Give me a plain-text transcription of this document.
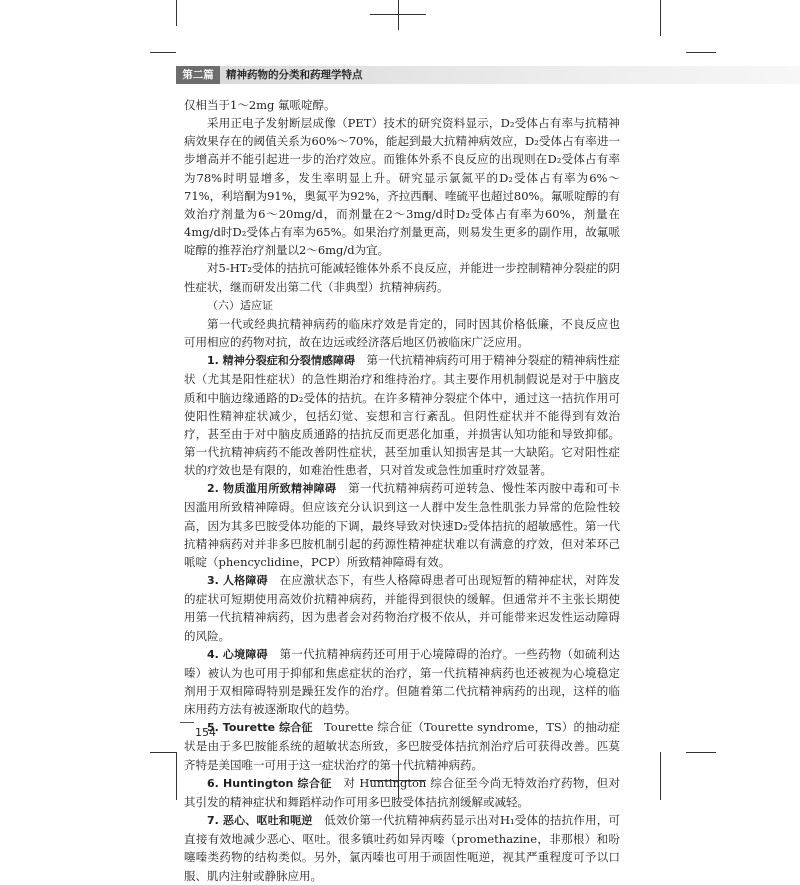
第二篇	精神药物的分类和药理学特点

仅相当于1～2mg 氟哌啶醇。

采用正电子发射断层成像（PET）技术的研究资料显示，D₂受体占有率与抗精神病效果存在的阈值关系为60%～70%，能起到最大抗精神病效应，D₂受体占有率进一步增高并不能引起进一步的治疗效应。而锥体外系不良反应的出现则在D₂受体占有率为78%时明显增多，发生率明显上升。研究显示氯氮平的D₂受体占有率为6%～71%，利培酮为91%，奥氮平为92%，齐拉西酮、喹硫平也超过80%。氟哌啶醇的有效治疗剂量为6～20mg/d，而剂量在2～3mg/d时D₂受体占有率为60%，剂量在4mg/d时D₂受体占有率为65%。如果治疗剂量更高，则易发生更多的副作用，故氟哌啶醇的推荐治疗剂量以2～6mg/d为宜。

对5-HT₂受体的拮抗可能减轻锥体外系不良反应，并能进一步控制精神分裂症的阴性症状，继而研发出第二代（非典型）抗精神病药。

（六）适应证

第一代或经典抗精神病药的临床疗效是肯定的，同时因其价格低廉，不良反应也可用相应的药物对抗，故在边远或经济落后地区仍被临床广泛应用。

1. 精神分裂症和分裂情感障碍  第一代抗精神病药可用于精神分裂症的精神病性症状（尤其是阳性症状）的急性期治疗和维持治疗。其主要作用机制假说是对于中脑皮质和中脑边缘通路的D₂受体的拮抗。在许多精神分裂症个体中，通过这一拮抗作用可使阳性精神症状减少，包括幻觉、妄想和言行紊乱。但阴性症状并不能得到有效治疗，甚至由于对中脑皮质通路的拮抗反而更恶化加重，并损害认知功能和导致抑郁。第一代抗精神病药不能改善阴性症状，甚至加重认知损害是其一大缺陷。它对阳性症状的疗效也是有限的，如难治性患者，只对首发或急性加重时疗效显著。

2. 物质滥用所致精神障碍  第一代抗精神病药可逆转急、慢性苯丙胺中毒和可卡因滥用所致精神障碍。但应该充分认识到这一人群中发生急性肌张力异常的危险性较高，因为其多巴胺受体功能的下调，最终导致对快速D₂受体拮抗的超敏感性。第一代抗精神病药对并非多巴胺机制引起的药源性精神症状难以有满意的疗效，但对苯环己哌啶（phencyclidine，PCP）所致精神障碍有效。

3. 人格障碍  在应激状态下，有些人格障碍患者可出现短暂的精神症状，对阵发的症状可短期使用高效价抗精神病药，并能得到很快的缓解。但通常并不主张长期使用第一代抗精神病药，因为患者会对药物治疗极不依从，并可能带来迟发性运动障碍的风险。

4. 心境障碍  第一代抗精神病药还可用于心境障碍的治疗。一些药物（如硫利达嗪）被认为也可用于抑郁和焦虑症状的治疗，第一代抗精神病药也还被视为心境稳定剂用于双相障碍特别是躁狂发作的治疗。但随着第二代抗精神病药的出现，这样的临床用药方法有被逐渐取代的趋势。

5. Tourette 综合征  Tourette 综合征（Tourette syndrome，TS）的抽动症状是由于多巴胺能系统的超敏状态所致，多巴胺受体拮抗剂治疗后可获得改善。匹莫齐特是美国唯一可用于这一症状治疗的第一代抗精神病药。

6. Huntington 综合征  对 Huntington 综合征至今尚无特效治疗药物，但对其引发的精神症状和舞蹈样动作可用多巴胺受体拮抗剂缓解或减轻。

7. 恶心、呕吐和呃逆  低效价第一代抗精神病药显示出对H₁受体的拮抗作用，可直接有效地减少恶心、呕吐。很多镇吐药如异丙嗪（promethazine，非那根）和吩噻嗪类药物的结构类似。另外，氯丙嗪也可用于顽固性呃逆，视其严重程度可予以口服、肌内注射或静脉应用。

154
